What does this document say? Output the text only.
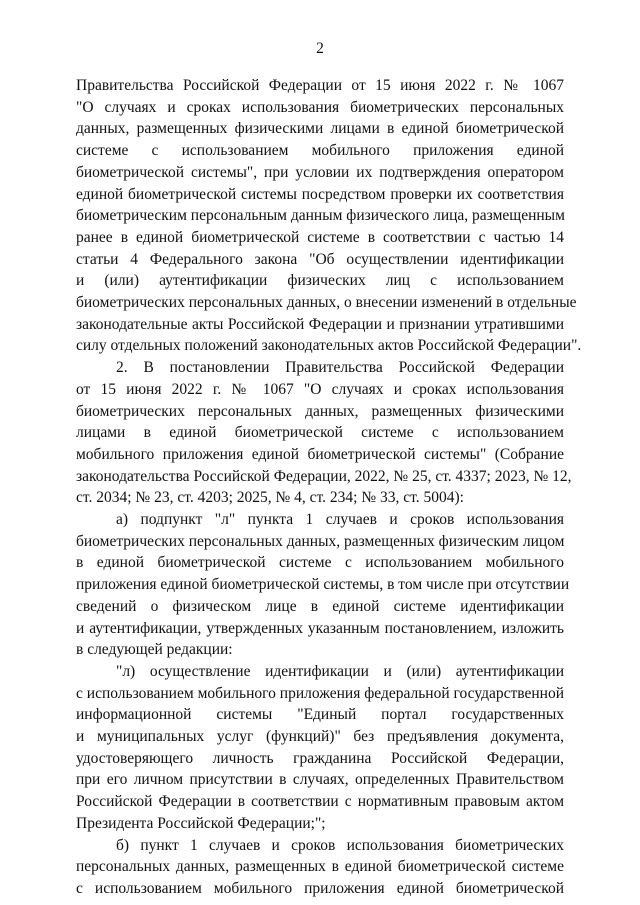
2
Правительства Российской Федерации от 15 июня 2022 г. № 1067
"О случаях и сроках использования биометрических персональных
данных, размещенных физическими лицами в единой биометрической
системе с использованием мобильного приложения единой
биометрической системы", при условии их подтверждения оператором
единой биометрической системы посредством проверки их соответствия
биометрическим персональным данным физического лица, размещенным
ранее в единой биометрической системе в соответствии с частью 14
статьи 4 Федерального закона "Об осуществлении идентификации
и (или) аутентификации физических лиц с использованием
биометрических персональных данных, о внесении изменений в отдельные
законодательные акты Российской Федерации и признании утратившими
силу отдельных положений законодательных актов Российской Федерации".
2. В постановлении Правительства Российской Федерации
от 15 июня 2022 г. № 1067 "О случаях и сроках использования
биометрических персональных данных, размещенных физическими
лицами в единой биометрической системе с использованием
мобильного приложения единой биометрической системы" (Собрание
законодательства Российской Федерации, 2022, № 25, ст. 4337; 2023, № 12,
ст. 2034; № 23, ст. 4203; 2025, № 4, ст. 234; № 33, ст. 5004):
а) подпункт "л" пункта 1 случаев и сроков использования
биометрических персональных данных, размещенных физическим лицом
в единой биометрической системе с использованием мобильного
приложения единой биометрической системы, в том числе при отсутствии
сведений о физическом лице в единой системе идентификации
и аутентификации, утвержденных указанным постановлением, изложить
в следующей редакции:
"л) осуществление идентификации и (или) аутентификации
с использованием мобильного приложения федеральной государственной
информационной системы "Единый портал государственных
и муниципальных услуг (функций)" без предъявления документа,
удостоверяющего личность гражданина Российской Федерации,
при его личном присутствии в случаях, определенных Правительством
Российской Федерации в соответствии с нормативным правовым актом
Президента Российской Федерации;";
б) пункт 1 случаев и сроков использования биометрических
персональных данных, размещенных в единой биометрической системе
с использованием мобильного приложения единой биометрической
